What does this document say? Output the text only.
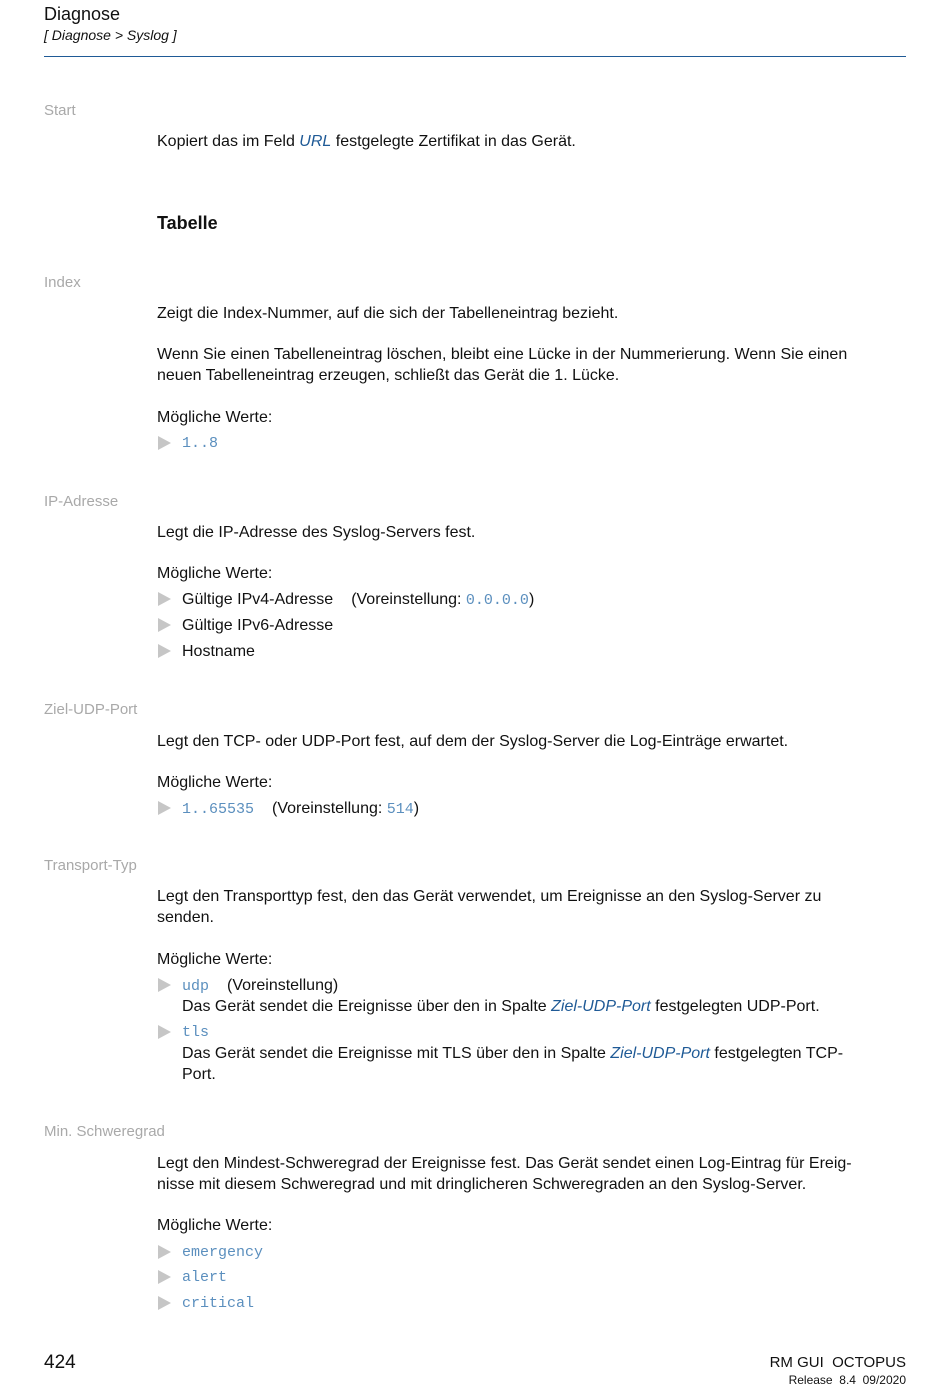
Diagnose
[ Diagnose > Syslog ]
Start
Kopiert das im Feld URL festgelegte Zertifikat in das Gerät.
Tabelle
Index
Zeigt die Index-Nummer, auf die sich der Tabelleneintrag bezieht.
Wenn Sie einen Tabelleneintrag löschen, bleibt eine Lücke in der Nummerierung. Wenn Sie einen
neuen Tabelleneintrag erzeugen, schließt das Gerät die 1. Lücke.
Mögliche Werte:
1..8
IP-Adresse
Legt die IP-Adresse des Syslog-Servers fest.
Mögliche Werte:
Gültige IPv4-Adresse (Voreinstellung: 0.0.0.0)
Gültige IPv6-Adresse
Hostname
Ziel-UDP-Port
Legt den TCP- oder UDP-Port fest, auf dem der Syslog-Server die Log-Einträge erwartet.
Mögliche Werte:
1..65535 (Voreinstellung: 514)
Transport-Typ
Legt den Transporttyp fest, den das Gerät verwendet, um Ereignisse an den Syslog-Server zu
senden.
Mögliche Werte:
udp (Voreinstellung)
Das Gerät sendet die Ereignisse über den in Spalte Ziel-UDP-Port festgelegten UDP-Port.
tls
Das Gerät sendet die Ereignisse mit TLS über den in Spalte Ziel-UDP-Port festgelegten TCP-
Port.
Min. Schweregrad
Legt den Mindest-Schweregrad der Ereignisse fest. Das Gerät sendet einen Log-Eintrag für Ereig-
nisse mit diesem Schweregrad und mit dringlicheren Schweregraden an den Syslog-Server.
Mögliche Werte:
emergency
alert
critical
424	RM GUI  OCTOPUS
Release  8.4  09/2020
